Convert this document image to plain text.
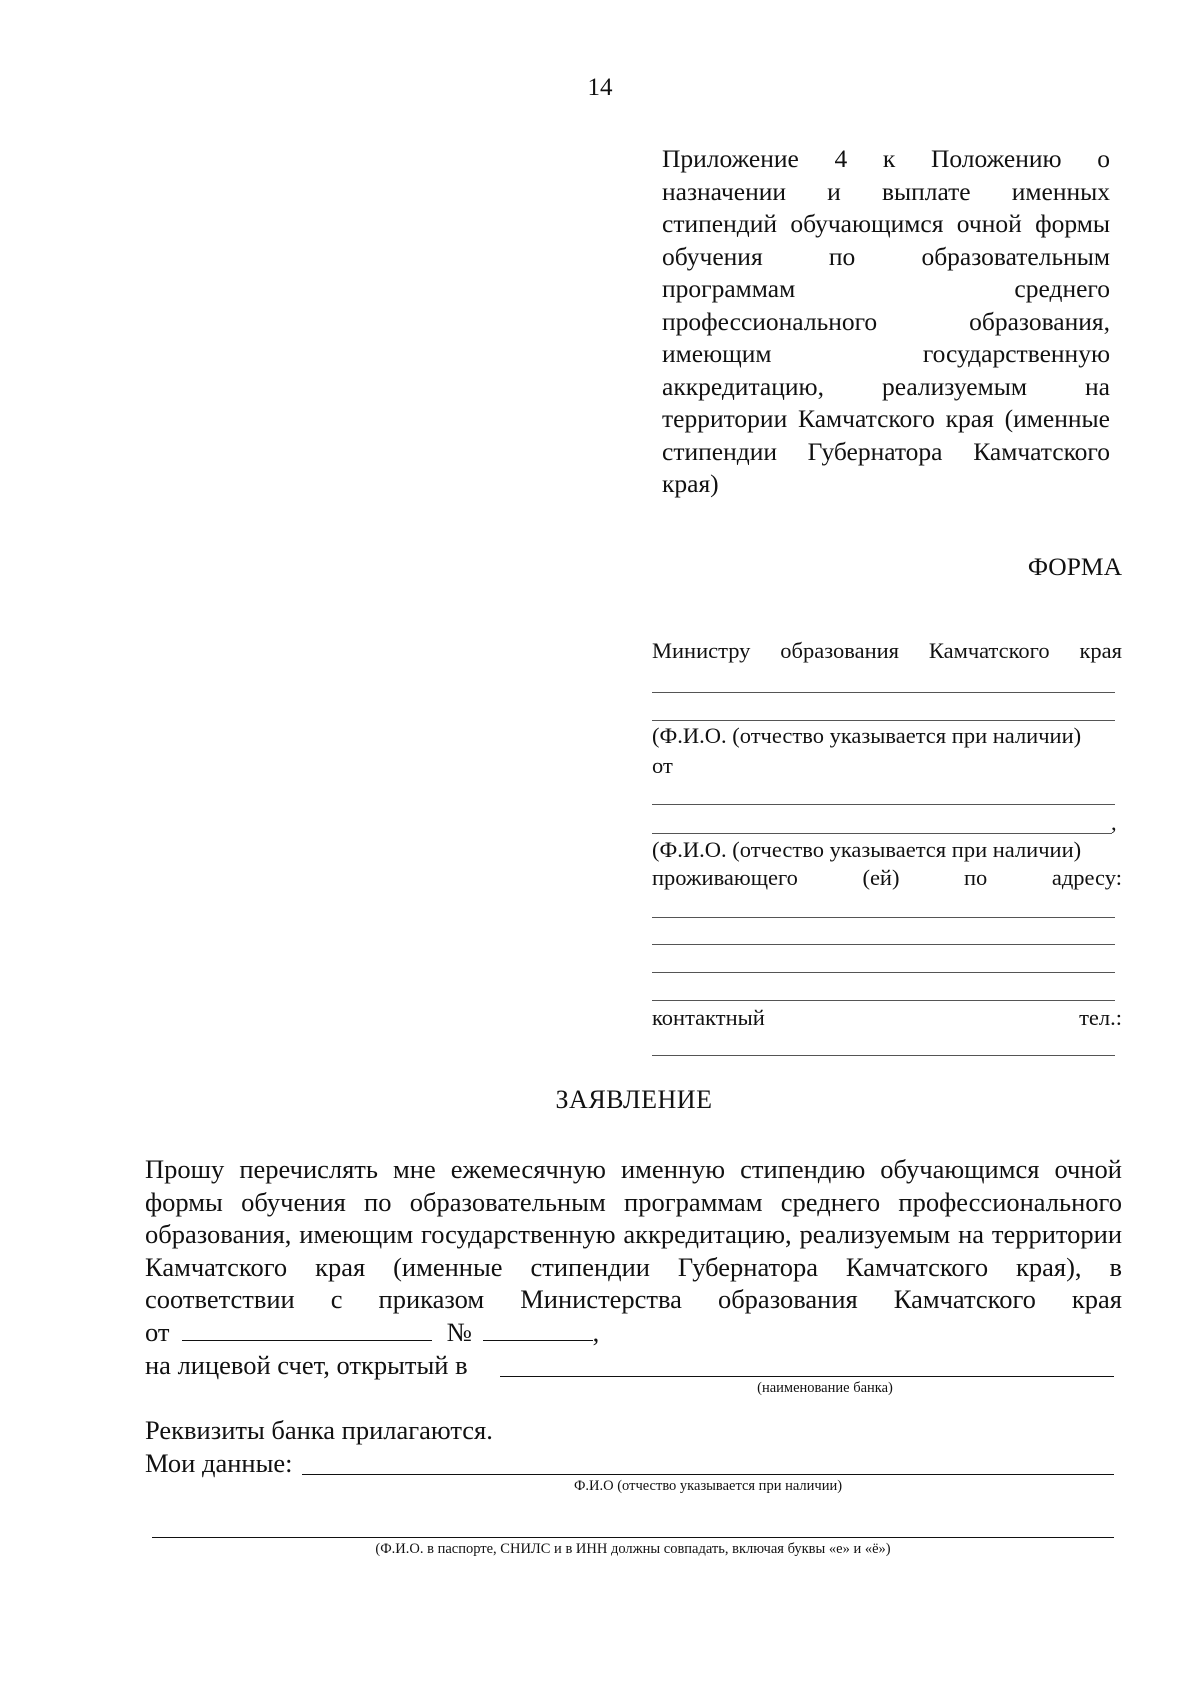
14
Приложение 4 к Положению о назначении и выплате именных стипендий обучающимся очной формы обучения по образовательным программам среднего профессионального образования, имеющим государственную аккредитацию, реализуемым на территории Камчатского края (именные стипендии Губернатора Камчатского края)
ФОРМА
Министру образования Камчатского края
(Ф.И.О. (отчество указывается при наличии)
от
,
(Ф.И.О. (отчество указывается при наличии)
проживающего	(ей)	по	адресу:
контактный	тел.:
ЗАЯВЛЕНИЕ
Прошу перечислять мне ежемесячную именную стипендию обучающимся очной формы обучения по образовательным программам среднего профессионального образования, имеющим государственную аккредитацию, реализуемым на территории Камчатского края (именные стипендии Губернатора Камчатского края), в соответствии с приказом Министерства образования Камчатского края
от	№	,
на лицевой счет, открытый в
(наименование банка)
Реквизиты банка прилагаются.
Мои данные:
Ф.И.О (отчество указывается при наличии)
(Ф.И.О. в паспорте, СНИЛС и в ИНН должны совпадать, включая буквы «е» и «ё»)
